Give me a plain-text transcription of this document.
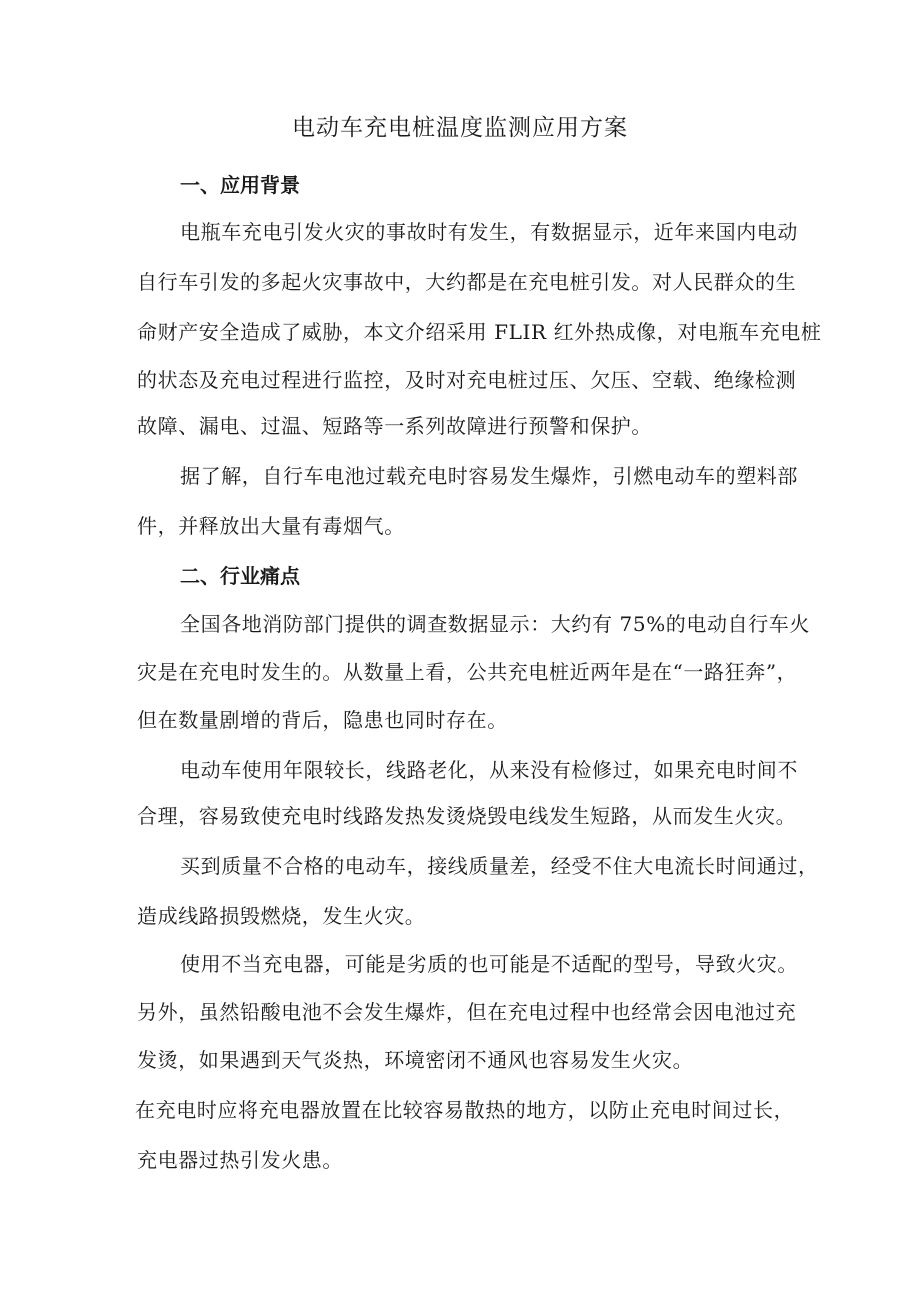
电动车充电桩温度监测应用方案
一、应用背景
电瓶车充电引发火灾的事故时有发生，有数据显示，近年来国内电动
自行车引发的多起火灾事故中，大约都是在充电桩引发。对人民群众的生
命财产安全造成了威胁，本文介绍采用 FLIR 红外热成像，对电瓶车充电桩
的状态及充电过程进行监控，及时对充电桩过压、欠压、空载、绝缘检测
故障、漏电、过温、短路等一系列故障进行预警和保护。
据了解，自行车电池过载充电时容易发生爆炸，引燃电动车的塑料部
件，并释放出大量有毒烟气。
二、行业痛点
全国各地消防部门提供的调查数据显示：大约有 75%的电动自行车火
灾是在充电时发生的。从数量上看，公共充电桩近两年是在“一路狂奔”，
但在数量剧增的背后，隐患也同时存在。
电动车使用年限较长，线路老化，从来没有检修过，如果充电时间不
合理，容易致使充电时线路发热发烫烧毁电线发生短路，从而发生火灾。
买到质量不合格的电动车，接线质量差，经受不住大电流长时间通过，
造成线路损毁燃烧，发生火灾。
使用不当充电器，可能是劣质的也可能是不适配的型号，导致火灾。
另外，虽然铅酸电池不会发生爆炸，但在充电过程中也经常会因电池过充
发烫，如果遇到天气炎热，环境密闭不通风也容易发生火灾。
在充电时应将充电器放置在比较容易散热的地方，以防止充电时间过长，
充电器过热引发火患。
